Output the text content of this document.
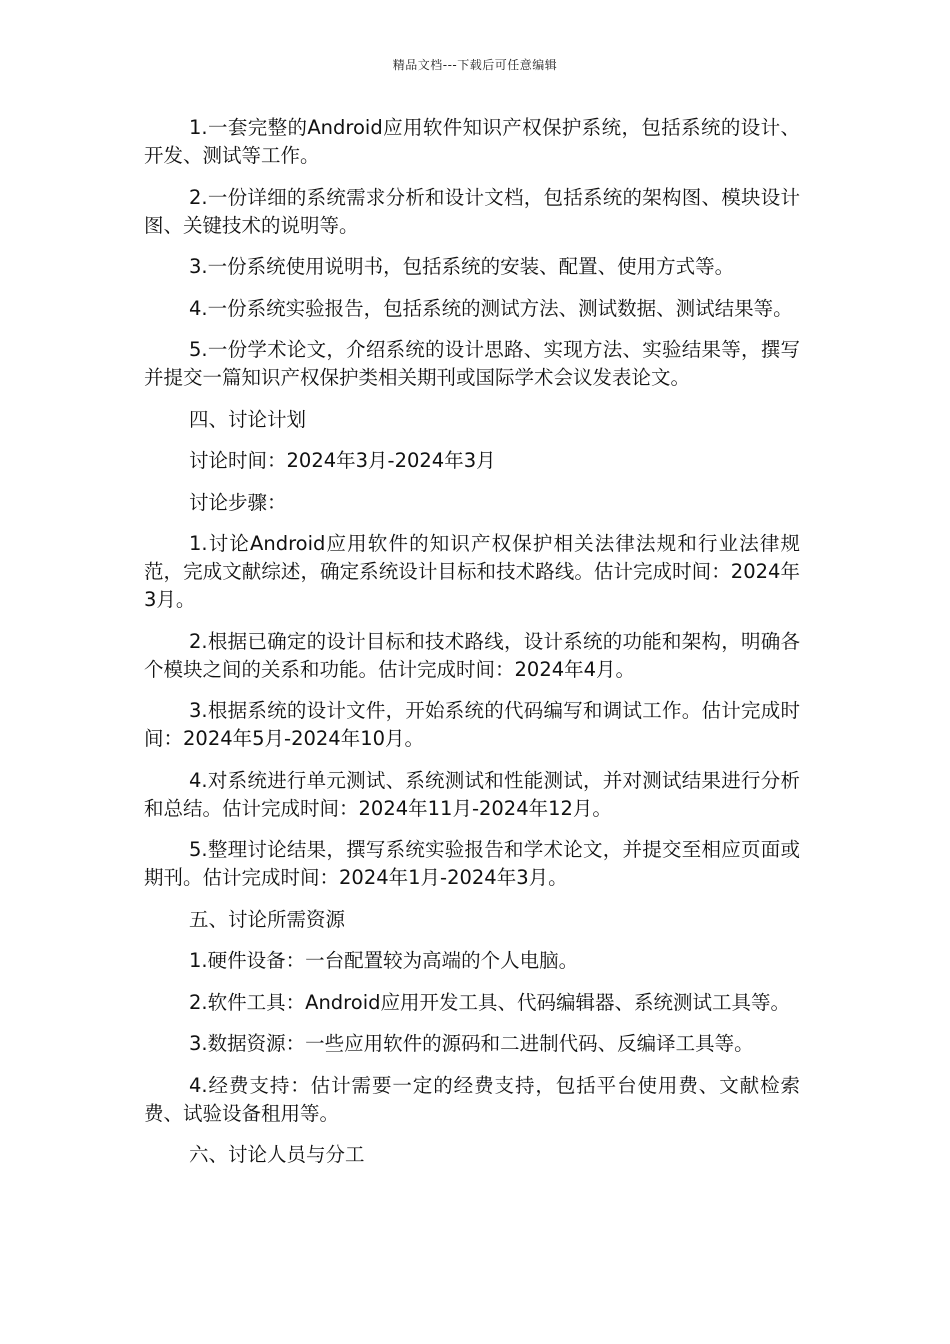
精品文档---下载后可任意编辑

1.一套完整的Android应用软件知识产权保护系统，包括系统的设计、开发、测试等工作。

2.一份详细的系统需求分析和设计文档，包括系统的架构图、模块设计图、关键技术的说明等。

3.一份系统使用说明书，包括系统的安装、配置、使用方式等。

4.一份系统实验报告，包括系统的测试方法、测试数据、测试结果等。

5.一份学术论文，介绍系统的设计思路、实现方法、实验结果等，撰写并提交一篇知识产权保护类相关期刊或国际学术会议发表论文。

四、讨论计划

讨论时间：2024年3月-2024年3月

讨论步骤：

1.讨论Android应用软件的知识产权保护相关法律法规和行业法律规范，完成文献综述，确定系统设计目标和技术路线。估计完成时间：2024年3月。

2.根据已确定的设计目标和技术路线，设计系统的功能和架构，明确各个模块之间的关系和功能。估计完成时间：2024年4月。

3.根据系统的设计文件，开始系统的代码编写和调试工作。估计完成时间：2024年5月-2024年10月。

4.对系统进行单元测试、系统测试和性能测试，并对测试结果进行分析和总结。估计完成时间：2024年11月-2024年12月。

5.整理讨论结果，撰写系统实验报告和学术论文，并提交至相应页面或期刊。估计完成时间：2024年1月-2024年3月。

五、讨论所需资源

1.硬件设备：一台配置较为高端的个人电脑。

2.软件工具：Android应用开发工具、代码编辑器、系统测试工具等。

3.数据资源：一些应用软件的源码和二进制代码、反编译工具等。

4.经费支持：估计需要一定的经费支持，包括平台使用费、文献检索费、试验设备租用等。

六、讨论人员与分工
